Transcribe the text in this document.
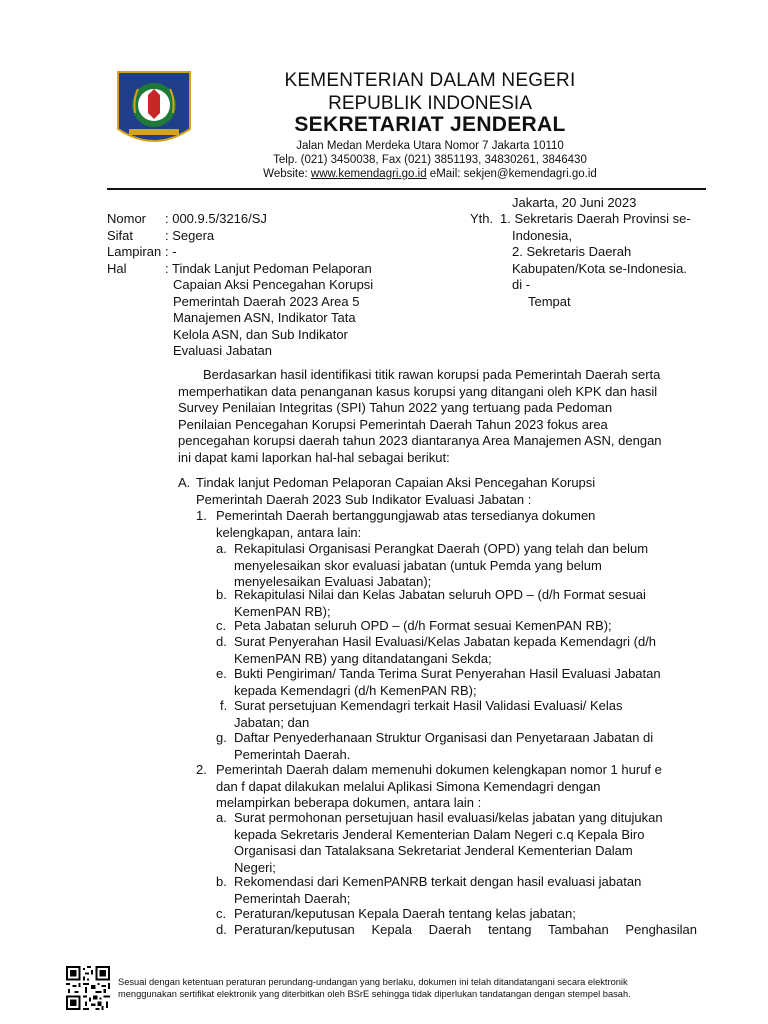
KEMENTERIAN DALAM NEGERI
REPUBLIK INDONESIA
SEKRETARIAT JENDERAL
Jalan Medan Merdeka Utara Nomor 7 Jakarta 10110
Telp. (021) 3450038, Fax (021) 3851193, 34830261, 3846430
Website: www.kemendagri.go.id eMail: sekjen@kemendagri.go.id
Jakarta, 20 Juni 2023
Nomor : 000.9.5/3216/SJ
Sifat : Segera
Lampiran : -
Hal	: Tindak Lanjut Pedoman Pelaporan
Capaian Aksi Pencegahan Korupsi
Pemerintah Daerah 2023 Area 5
Manajemen ASN, Indikator Tata
Kelola ASN, dan Sub Indikator
Evaluasi Jabatan
Yth. 1. Sekretaris Daerah Provinsi se-
Indonesia,
2. Sekretaris Daerah
Kabupaten/Kota se-Indonesia.
di -
Tempat
Berdasarkan hasil identifikasi titik rawan korupsi pada Pemerintah Daerah serta
memperhatikan data penanganan kasus korupsi yang ditangani oleh KPK dan hasil
Survey Penilaian Integritas (SPI) Tahun 2022 yang tertuang pada Pedoman
Penilaian Pencegahan Korupsi Pemerintah Daerah Tahun 2023 fokus area
pencegahan korupsi daerah tahun 2023 diantaranya Area Manajemen ASN, dengan
ini dapat kami laporkan hal-hal sebagai berikut:
A. Tindak lanjut Pedoman Pelaporan Capaian Aksi Pencegahan Korupsi
Pemerintah Daerah 2023 Sub Indikator Evaluasi Jabatan :
1. Pemerintah Daerah bertanggungjawab atas tersedianya dokumen
kelengkapan, antara lain:
a. Rekapitulasi Organisasi Perangkat Daerah (OPD) yang telah dan belum
menyelesaikan skor evaluasi jabatan (untuk Pemda yang belum
menyelesaikan Evaluasi Jabatan);
b. Rekapitulasi Nilai dan Kelas Jabatan seluruh OPD – (d/h Format sesuai
KemenPAN RB);
c. Peta Jabatan seluruh OPD – (d/h Format sesuai KemenPAN RB);
d. Surat Penyerahan Hasil Evaluasi/Kelas Jabatan kepada Kemendagri (d/h
KemenPAN RB) yang ditandatangani Sekda;
e. Bukti Pengiriman/ Tanda Terima Surat Penyerahan Hasil Evaluasi Jabatan
kepada Kemendagri (d/h KemenPAN RB);
f. Surat persetujuan Kemendagri terkait Hasil Validasi Evaluasi/ Kelas
Jabatan; dan
g. Daftar Penyederhanaan Struktur Organisasi dan Penyetaraan Jabatan di
Pemerintah Daerah.
2. Pemerintah Daerah dalam memenuhi dokumen kelengkapan nomor 1 huruf e
dan f dapat dilakukan melalui Aplikasi Simona Kemendagri dengan
melampirkan beberapa dokumen, antara lain :
a. Surat permohonan persetujuan hasil evaluasi/kelas jabatan yang ditujukan
kepada Sekretaris Jenderal Kementerian Dalam Negeri c.q Kepala Biro
Organisasi dan Tatalaksana Sekretariat Jenderal Kementerian Dalam
Negeri;
b. Rekomendasi dari KemenPANRB terkait dengan hasil evaluasi jabatan
Pemerintah Daerah;
c. Peraturan/keputusan Kepala Daerah tentang kelas jabatan;
d. Peraturan/keputusan Kepala Daerah tentang Tambahan Penghasilan
Sesuai dengan ketentuan peraturan perundang-undangan yang berlaku, dokumen ini telah ditandatangani secara elektronik
menggunakan sertifikat elektronik yang diterbitkan oleh BSrE sehingga tidak diperlukan tandatangan dengan stempel basah.
